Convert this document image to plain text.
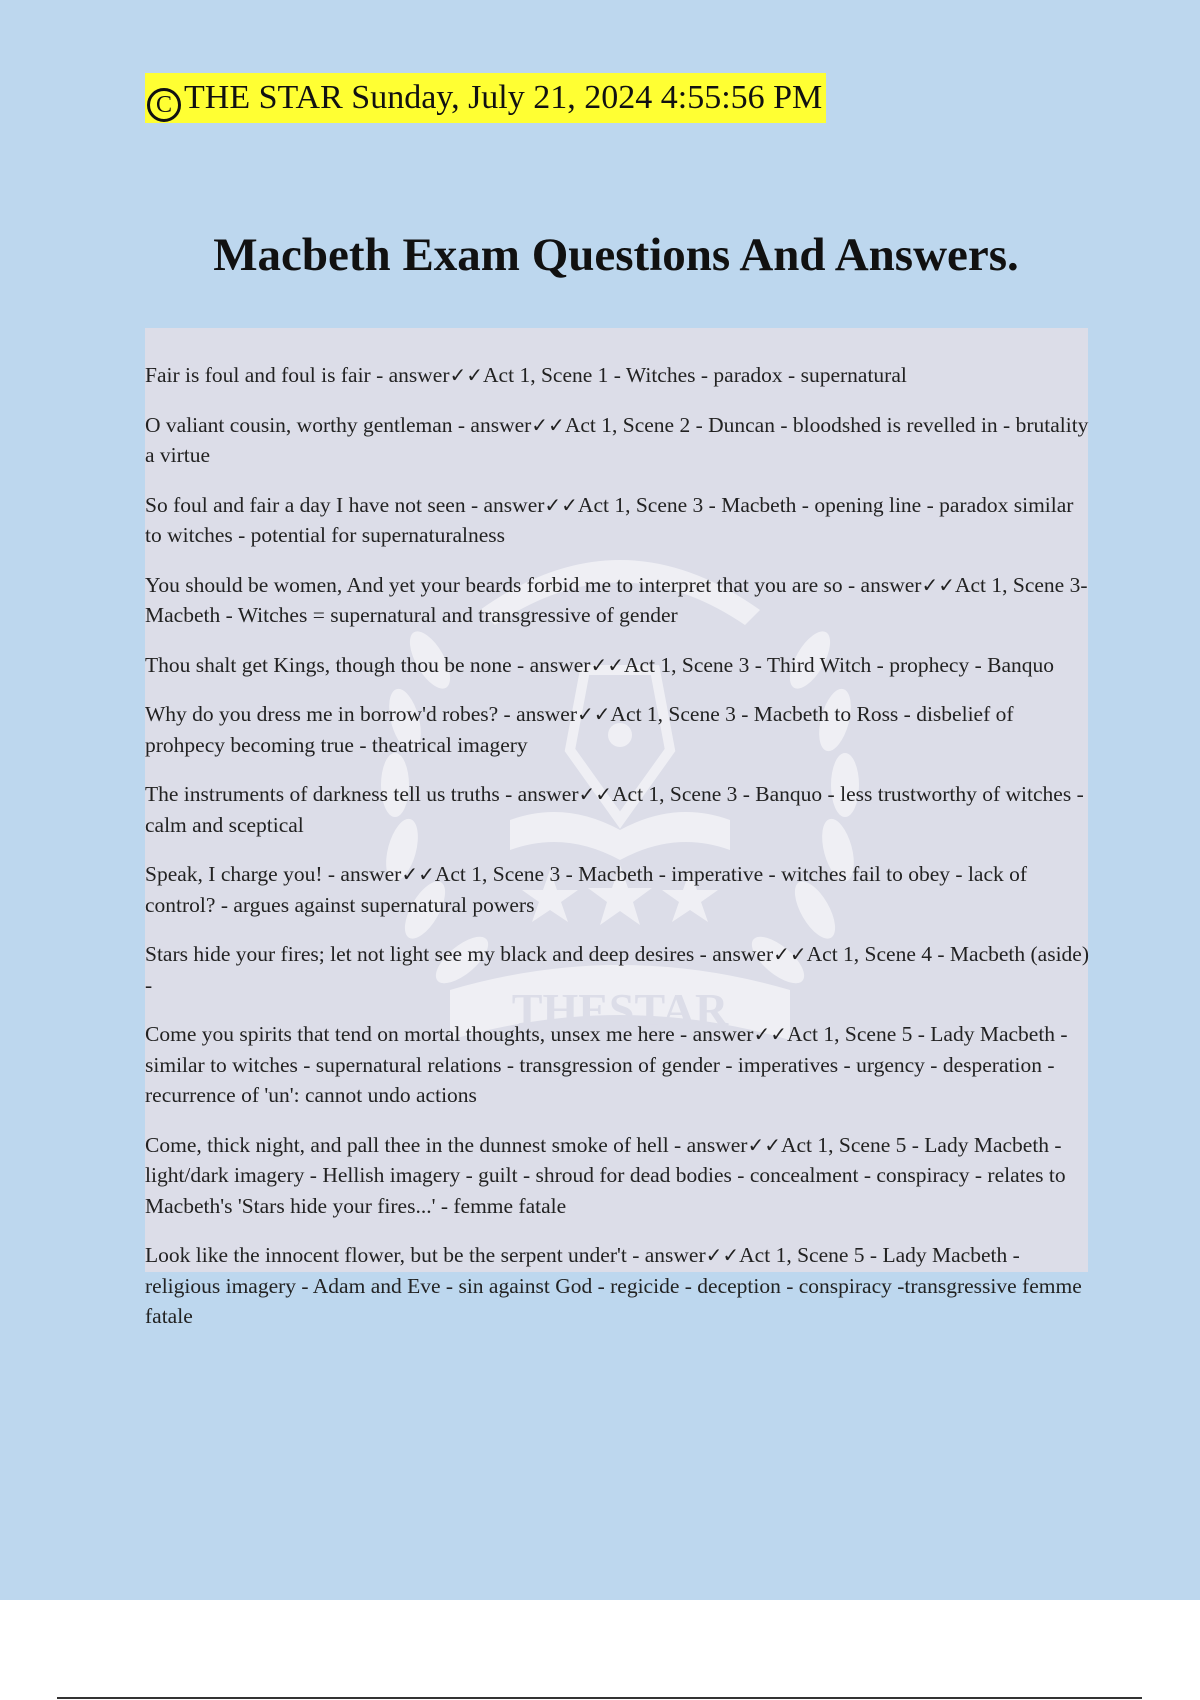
C THE STAR Sunday, July 21, 2024 4:55:56 PM
Macbeth Exam Questions And Answers.
THESTAR
Fair is foul and foul is fair - answer✓✓Act 1, Scene 1 - Witches - paradox - supernatural
O valiant cousin, worthy gentleman - answer✓✓Act 1, Scene 2 - Duncan - bloodshed is revelled in - brutality a virtue
So foul and fair a day I have not seen - answer✓✓Act 1, Scene 3 - Macbeth - opening line - paradox similar to witches - potential for supernaturalness
You should be women, And yet your beards forbid me to interpret that you are so - answer✓✓Act 1, Scene 3- Macbeth - Witches = supernatural and transgressive of gender
Thou shalt get Kings, though thou be none - answer✓✓Act 1, Scene 3 - Third Witch - prophecy - Banquo
Why do you dress me in borrow'd robes? - answer✓✓Act 1, Scene 3 - Macbeth to Ross - disbelief of prohpecy becoming true - theatrical imagery
The instruments of darkness tell us truths - answer✓✓Act 1, Scene 3 - Banquo - less trustworthy of witches - calm and sceptical
Speak, I charge you! - answer✓✓Act 1, Scene 3 - Macbeth - imperative - witches fail to obey - lack of control? - argues against supernatural powers
Stars hide your fires; let not light see my black and deep desires - answer✓✓Act 1, Scene 4 - Macbeth (aside) -
Come you spirits that tend on mortal thoughts, unsex me here - answer✓✓Act 1, Scene 5 - Lady Macbeth - similar to witches - supernatural relations - transgression of gender - imperatives - urgency - desperation - recurrence of 'un': cannot undo actions
Come, thick night, and pall thee in the dunnest smoke of hell - answer✓✓Act 1, Scene 5 - Lady Macbeth - light/dark imagery - Hellish imagery - guilt - shroud for dead bodies - concealment - conspiracy - relates to Macbeth's 'Stars hide your fires...' - femme fatale
Look like the innocent flower, but be the serpent under't - answer✓✓Act 1, Scene 5 - Lady Macbeth - religious imagery - Adam and Eve - sin against God - regicide - deception - conspiracy -transgressive femme fatale
